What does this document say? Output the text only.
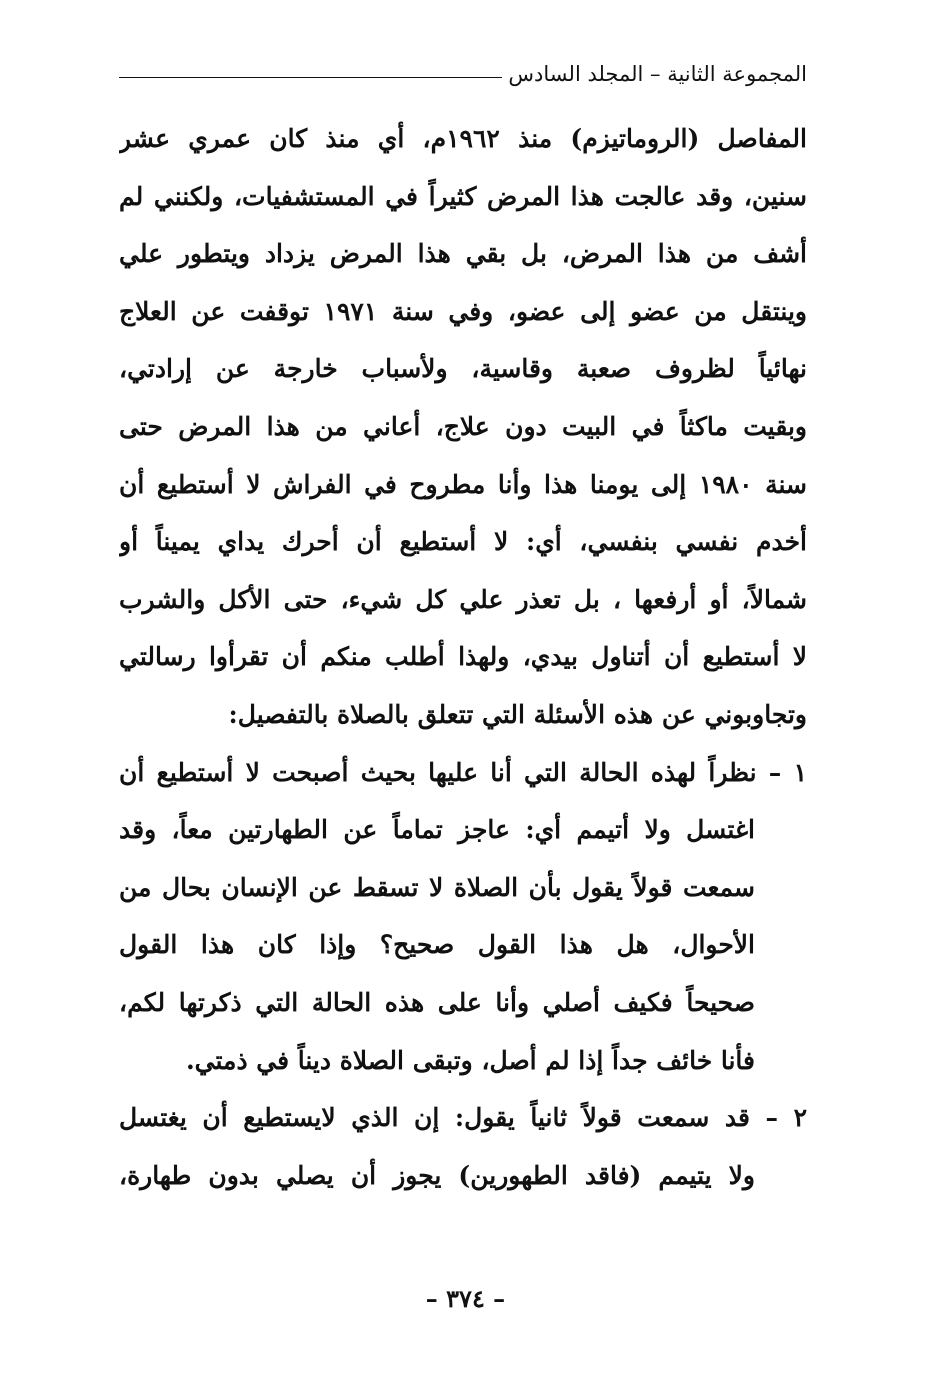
المجموعة الثانية – المجلد السادس
المفاصل (الروماتيزم) منذ ١٩٦٢م، أي منذ كان عمري عشر
سنين، وقد عالجت هذا المرض كثيراً في المستشفيات، ولكنني لم
أشف من هذا المرض، بل بقي هذا المرض يزداد ويتطور علي
وينتقل من عضو إلى عضو، وفي سنة ١٩٧١ توقفت عن العلاج
نهائياً لظروف صعبة وقاسية، ولأسباب خارجة عن إرادتي،
وبقيت ماكثاً في البيت دون علاج، أعاني من هذا المرض حتى
سنة ١٩٨٠ إلى يومنا هذا وأنا مطروح في الفراش لا أستطيع أن
أخدم نفسي بنفسي، أي: لا أستطيع أن أحرك يداي يميناً أو
شمالاً، أو أرفعها ، بل تعذر علي كل شيء، حتى الأكل والشرب
لا أستطيع أن أتناول بيدي، ولهذا أطلب منكم أن تقرأوا رسالتي
وتجاوبوني عن هذه الأسئلة التي تتعلق بالصلاة بالتفصيل:
١ – نظراً لهذه الحالة التي أنا عليها بحيث أصبحت لا أستطيع أن
اغتسل ولا أتيمم أي: عاجز تماماً عن الطهارتين معاً، وقد
سمعت قولاً يقول بأن الصلاة لا تسقط عن الإنسان بحال من
الأحوال، هل هذا القول صحيح؟ وإذا كان هذا القول
صحيحاً فكيف أصلي وأنا على هذه الحالة التي ذكرتها لكم،
فأنا خائف جداً إذا لم أصل، وتبقى الصلاة ديناً في ذمتي.
٢ – قد سمعت قولاً ثانياً يقول: إن الذي لايستطيع أن يغتسل
ولا يتيمم (فاقد الطهورين) يجوز أن يصلي بدون طهارة،
– ٣٧٤ –
